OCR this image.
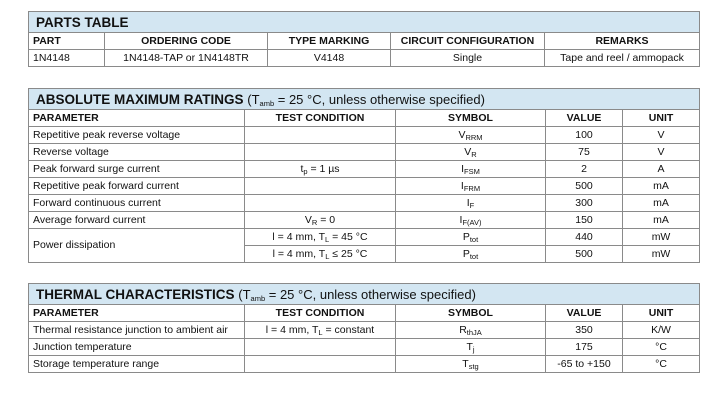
PARTS TABLE				
PART	ORDERING CODE	TYPE MARKING	CIRCUIT CONFIGURATION	REMARKS
1N4148	1N4148-TAP or 1N4148TR	V4148	Single	Tape and reel / ammopack
ABSOLUTE MAXIMUM RATINGS ($T_{amb} = 25$ °C, unless otherwise specified)				
PARAMETER	TEST CONDITION	SYMBOL	VALUE	UNIT
Repetitive peak reverse voltage		$V_{RRM}$	100	V
Reverse voltage		$V_R$	75	V
Peak forward surge current	$t_p = 1$ µs	$I_{FSM}$	2	A
Repetitive peak forward current		$I_{FRM}$	500	mA
Forward continuous current		$I_F$	300	mA
Average forward current	$V_R = 0$	$I_{F(AV)}$	150	mA
Power dissipation	l = 4 mm, $T_L = 45$ °C	$P_{tot}$	440	mW
	l = 4 mm, $T_L \le 25$ °C	$P_{tot}$	500	mW
THERMAL CHARACTERISTICS ($T_{amb} = 25$ °C, unless otherwise specified)				
PARAMETER	TEST CONDITION	SYMBOL	VALUE	UNIT
Thermal resistance junction to ambient air	l = 4 mm, $T_L$ = constant	$R_{thJA}$	350	K/W
Junction temperature		$T_j$	175	°C
Storage temperature range		$T_{stg}$	-65 to +150	°C
